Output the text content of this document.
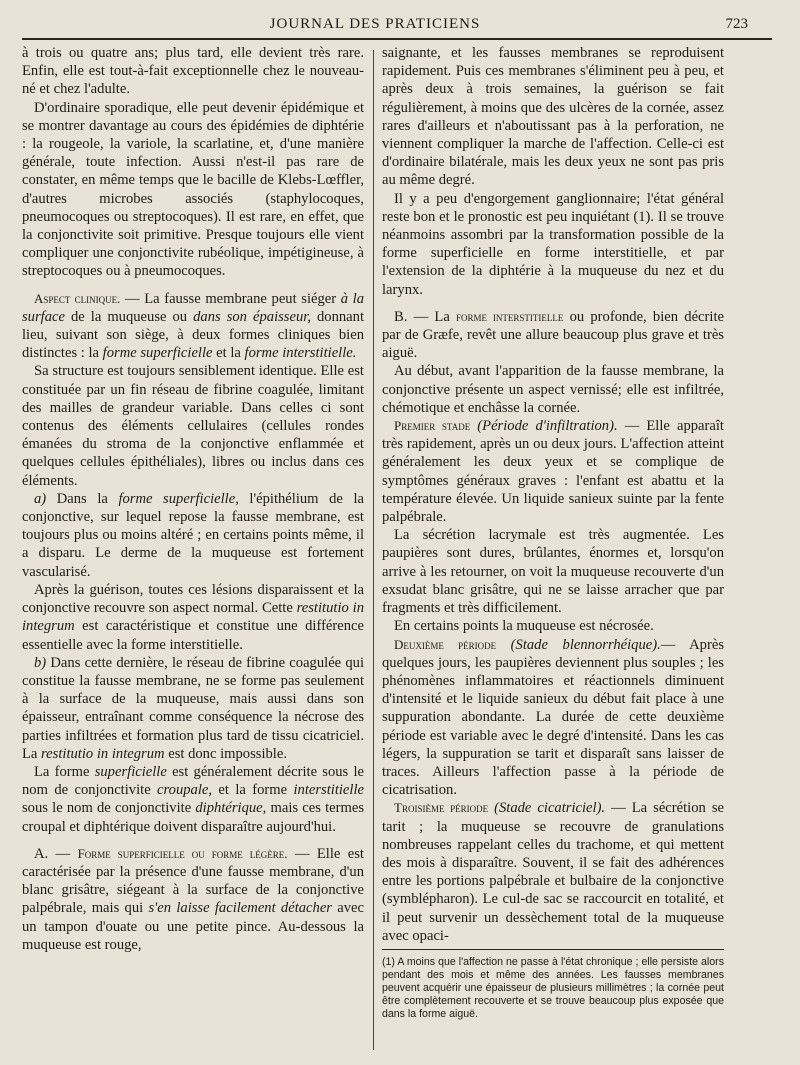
JOURNAL DES PRATICIENS	723

à trois ou quatre ans; plus tard, elle devient très rare. Enfin, elle est tout-à-fait exceptionnelle chez le nouveau-né et chez l'adulte.

D'ordinaire sporadique, elle peut devenir épidémique et se montrer davantage au cours des épidémies de diphtérie : la rougeole, la variole, la scarlatine, et, d'une manière générale, toute infection. Aussi n'est-il pas rare de constater, en même temps que le bacille de Klebs-Lœffler, d'autres microbes associés (staphylocoques, pneumocoques ou streptocoques). Il est rare, en effet, que la conjonctivite soit primitive. Presque toujours elle vient compliquer une conjonctivite rubéolique, impétigineuse, à streptocoques ou à pneumocoques.

Aspect clinique. — La fausse membrane peut siéger à la surface de la muqueuse ou dans son épaisseur, donnant lieu, suivant son siège, à deux formes cliniques bien distinctes : la forme superficielle et la forme interstitielle.

Sa structure est toujours sensiblement identique. Elle est constituée par un fin réseau de fibrine coagulée, limitant des mailles de grandeur variable. Dans celles ci sont contenus des éléments cellulaires (cellules rondes émanées du stroma de la conjonctive enflammée et quelques cellules épithéliales), libres ou inclus dans ces éléments.

a) Dans la forme superficielle, l'épithélium de la conjonctive, sur lequel repose la fausse membrane, est toujours plus ou moins altéré ; en certains points même, il a disparu. Le derme de la muqueuse est fortement vascularisé.

Après la guérison, toutes ces lésions disparaissent et la conjonctive recouvre son aspect normal. Cette restitutio in integrum est caractéristique et constitue une différence essentielle avec la forme interstitielle.

b) Dans cette dernière, le réseau de fibrine coagulée qui constitue la fausse membrane, ne se forme pas seulement à la surface de la muqueuse, mais aussi dans son épaisseur, entraînant comme conséquence la nécrose des parties infiltrées et formation plus tard de tissu cicatriciel. La restitutio in integrum est donc impossible.

La forme superficielle est généralement décrite sous le nom de conjonctivite croupale, et la forme interstitielle sous le nom de conjonctivite diphtérique, mais ces termes croupal et diphtérique doivent disparaître aujourd'hui.

A. — Forme superficielle ou forme légère. — Elle est caractérisée par la présence d'une fausse membrane, d'un blanc grisâtre, siégeant à la surface de la conjonctive palpébrale, mais qui s'en laisse facilement détacher avec un tampon d'ouate ou une petite pince. Au-dessous la muqueuse est rouge,

saignante, et les fausses membranes se reproduisent rapidement. Puis ces membranes s'éliminent peu à peu, et après deux à trois semaines, la guérison se fait régulièrement, à moins que des ulcères de la cornée, assez rares d'ailleurs et n'aboutissant pas à la perforation, ne viennent compliquer la marche de l'affection. Celle-ci est d'ordinaire bilatérale, mais les deux yeux ne sont pas pris au même degré.

Il y a peu d'engorgement ganglionnaire; l'état général reste bon et le pronostic est peu inquiétant (1). Il se trouve néanmoins assombri par la transformation possible de la forme superficielle en forme interstitielle, et par l'extension de la diphtérie à la muqueuse du nez et du larynx.

B. — La forme interstitielle ou profonde, bien décrite par de Græfe, revêt une allure beaucoup plus grave et très aiguë.

Au début, avant l'apparition de la fausse membrane, la conjonctive présente un aspect vernissé; elle est infiltrée, chémotique et enchâsse la cornée.

Premier stade (Période d'infiltration). — Elle apparaît très rapidement, après un ou deux jours. L'affection atteint généralement les deux yeux et se complique de symptômes généraux graves : l'enfant est abattu et la température élevée. Un liquide sanieux suinte par la fente palpébrale.

La sécrétion lacrymale est très augmentée. Les paupières sont dures, brûlantes, énormes et, lorsqu'on arrive à les retourner, on voit la muqueuse recouverte d'un exsudat blanc grisâtre, qui ne se laisse arracher que par fragments et très difficilement.

En certains points la muqueuse est nécrosée.

Deuxième période (Stade blennorrhéique).— Après quelques jours, les paupières deviennent plus souples ; les phénomènes inflammatoires et réactionnels diminuent d'intensité et le liquide sanieux du début fait place à une suppuration abondante. La durée de cette deuxième période est variable avec le degré d'intensité. Dans les cas légers, la suppuration se tarit et disparaît sans laisser de traces. Ailleurs l'affection passe à la période de cicatrisation.

Troisième période (Stade cicatriciel). — La sécrétion se tarit ; la muqueuse se recouvre de granulations nombreuses rappelant celles du trachome, et qui mettent des mois à disparaître. Souvent, il se fait des adhérences entre les portions palpébrale et bulbaire de la conjonctive (symblépharon). Le cul-de sac se raccourcit en totalité, et il peut survenir un dessèchement total de la muqueuse avec opaci-

(1) A moins que l'affection ne passe à l'état chronique ; elle persiste alors pendant des mois et même des années. Les fausses membranes peuvent acquérir une épaisseur de plusieurs millimètres ; la cornée peut être complètement recouverte et se trouve beaucoup plus exposée que dans la forme aiguë.
